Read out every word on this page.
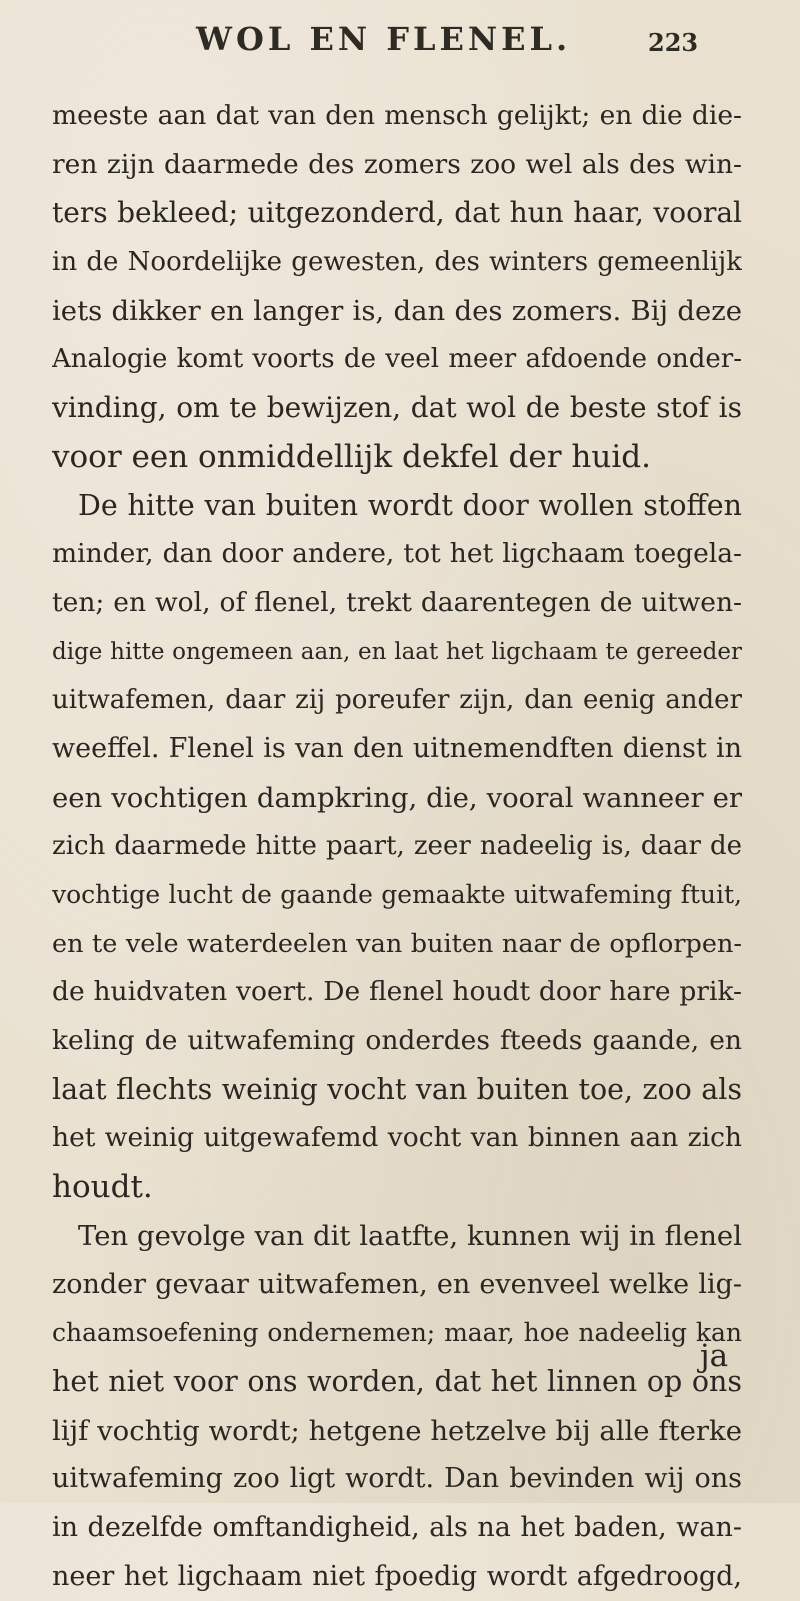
WOL EN FLENEL.	223
meeste aan dat van den mensch gelijkt; en die die-
ren zijn daarmede des zomers zoo wel als des win-
ters bekleed; uitgezonderd, dat hun haar, vooral
in de Noordelijke gewesten, des winters gemeenlijk
iets dikker en langer is, dan des zomers. Bij deze
Analogie komt voorts de veel meer afdoende onder-
vinding, om te bewijzen, dat wol de beste stof is
voor een onmiddellijk dekfel der huid.
De hitte van buiten wordt door wollen stoffen
minder, dan door andere, tot het ligchaam toegela-
ten; en wol, of flenel, trekt daarentegen de uitwen-
dige hitte ongemeen aan, en laat het ligchaam te gereeder
uitwafemen, daar zij poreufer zijn, dan eenig ander
weeffel. Flenel is van den uitnemendften dienst in
een vochtigen dampkring, die, vooral wanneer er
zich daarmede hitte paart, zeer nadeelig is, daar de
vochtige lucht de gaande gemaakte uitwafeming ftuit,
en te vele waterdeelen van buiten naar de opflorpen-
de huidvaten voert. De flenel houdt door hare prik-
keling de uitwafeming onderdes fteeds gaande, en
laat flechts weinig vocht van buiten toe, zoo als
het weinig uitgewafemd vocht van binnen aan zich
houdt.
Ten gevolge van dit laatfte, kunnen wij in flenel
zonder gevaar uitwafemen, en evenveel welke lig-
chaamsoefening ondernemen; maar, hoe nadeelig kan
het niet voor ons worden, dat het linnen op ons
lijf vochtig wordt; hetgene hetzelve bij alle fterke
uitwafeming zoo ligt wordt. Dan bevinden wij ons
in dezelfde omftandigheid, als na het baden, wan-
neer het ligchaam niet fpoedig wordt afgedroogd,
ja
